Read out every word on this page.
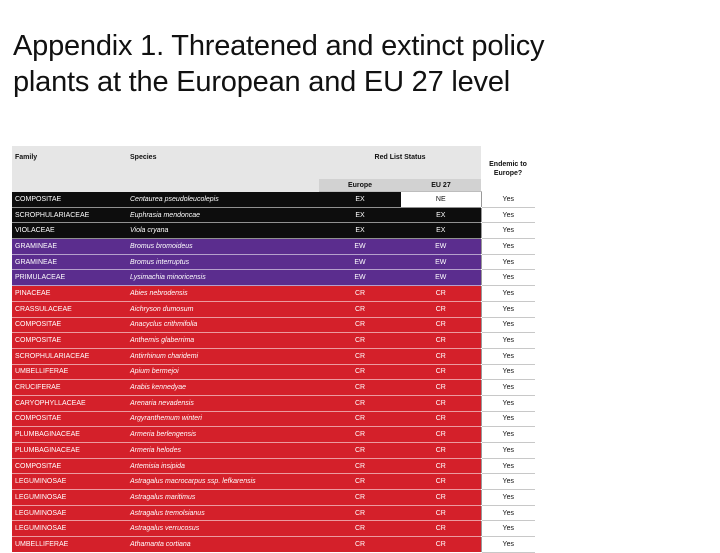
Appendix 1. Threatened and extinct policy plants at the European and EU 27 level
Family	Species	Red List Status		Endemic to Europe?
		Europe	EU 27	
COMPOSITAE	Centaurea pseudoleucolepis	EX	NE	Yes
SCROPHULARIACEAE	Euphrasia mendoncae	EX	EX	Yes
VIOLACEAE	Viola cryana	EX	EX	Yes
GRAMINEAE	Bromus bromoideus	EW	EW	Yes
GRAMINEAE	Bromus interruptus	EW	EW	Yes
PRIMULACEAE	Lysimachia minoricensis	EW	EW	Yes
PINACEAE	Abies nebrodensis	CR	CR	Yes
CRASSULACEAE	Aichryson dumosum	CR	CR	Yes
COMPOSITAE	Anacyclus crithmifolia	CR	CR	Yes
COMPOSITAE	Anthemis glaberrima	CR	CR	Yes
SCROPHULARIACEAE	Antirrhinum charidemi	CR	CR	Yes
UMBELLIFERAE	Apium bermejoi	CR	CR	Yes
CRUCIFERAE	Arabis kennedyae	CR	CR	Yes
CARYOPHYLLACEAE	Arenaria nevadensis	CR	CR	Yes
COMPOSITAE	Argyranthemum winteri	CR	CR	Yes
PLUMBAGINACEAE	Armeria berlengensis	CR	CR	Yes
PLUMBAGINACEAE	Armeria helodes	CR	CR	Yes
COMPOSITAE	Artemisia insipida	CR	CR	Yes
LEGUMINOSAE	Astragalus macrocarpus ssp. lefkarensis	CR	CR	Yes
LEGUMINOSAE	Astragalus maritimus	CR	CR	Yes
LEGUMINOSAE	Astragalus tremolsianus	CR	CR	Yes
LEGUMINOSAE	Astragalus verrucosus	CR	CR	Yes
UMBELLIFERAE	Athamanta cortiana	CR	CR	Yes
